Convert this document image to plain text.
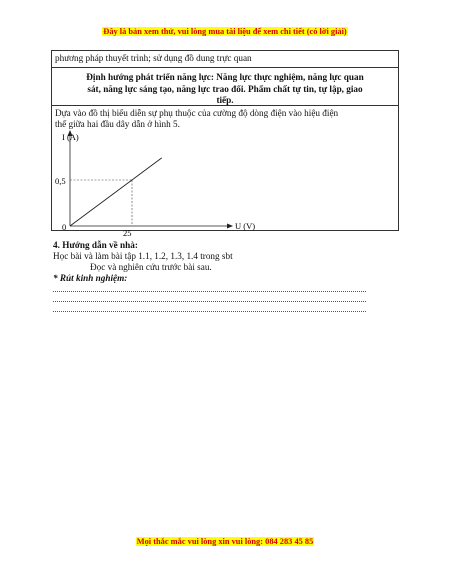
Đây là bản xem thử, vui lòng mua tài liệu để xem chi tiết (có lời giải)
phương pháp thuyết trình; sử dụng đồ dung trực quan
Định hướng phát triển năng lực: Năng lực thực nghiệm, năng lực quan
sát, năng lực sáng tạo, năng lực trao đổi. Phẩm chất tự tin, tự lập, giao
tiếp.
Dựa vào đồ thị biểu diễn sự phụ thuộc của cường độ dòng điện vào hiệu điện
thế giữa hai đầu dây dẫn ở hình 5.
I (A)
U (V)
0
0,5
25
4. Hướng dẫn về nhà:
Học bài và làm bài tập 1.1, 1.2, 1.3, 1.4 trong sbt
Đọc và nghiên cứu trước bài sau.
* Rút kinh nghiệm:
Mọi thắc mắc vui lòng xin vui lòng: 084 283 45 85
